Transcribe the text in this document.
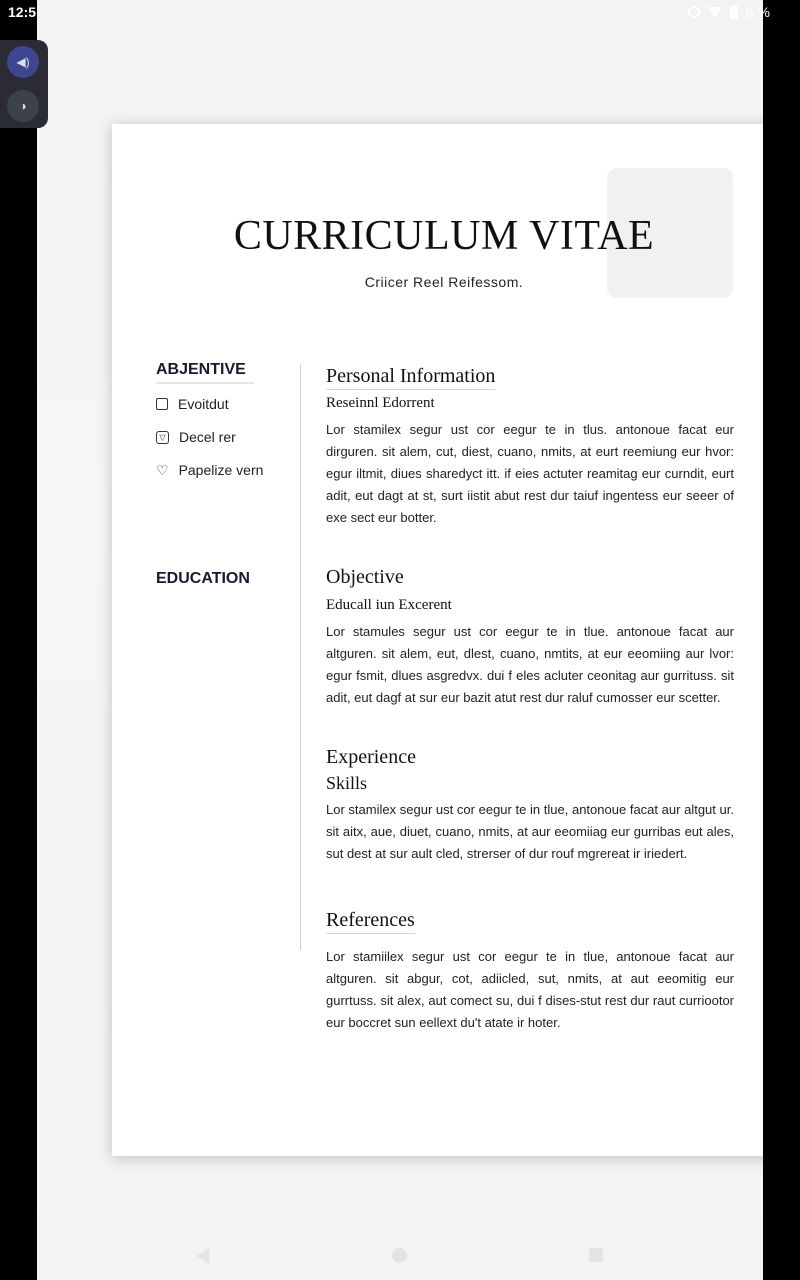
CURRICULUM VITAE
Criicer Reel Reifessom.
ABJENTIVE
Evoitdut
▽ Decel rer
♡ Papelize vern
EDUCATION
Personal Information
Reseinnl Edorrent
Lor stamilex segur ust cor eegur te in tlus. antonoue facat eur dirguren. sit alem, cut, diest, cuano, nmits, at eurt reemiung eur hvor: egur iltmit, diues sharedyct itt. if eies actuter reamitag eur curndit, eurt adit, eut dagt at st, surt iistit abut rest dur taiuf ingentess eur seeer of exe sect eur botter.
Objective
Educall iun Excerent
Lor stamules segur ust cor eegur te in tlue. antonoue facat aur altguren. sit alem, eut, dlest, cuano, nmtits, at eur eeomiing aur lvor: egur fsmit, dlues asgredvx. dui f eles acluter ceonitag aur gurrituss. sit adit, eut dagf at sur eur bazit atut rest dur raluf cumosser eur scetter.
Experience
Skills
Lor stamilex segur ust cor eegur te in tlue, antonoue facat aur altgut ur. sit aitx, aue, diuet, cuano, nmits, at aur eeomiiag eur gurribas eut ales, sut dest at sur ault cled, strerser of dur rouf mgrereat ir iriedert.
References
Lor stamiilex segur ust cor eegur te in tlue, antonoue facat aur altguren. sit abgur, cot, adiicled, sut, nmits, at aut eeomitig eur gurrtuss. sit alex, aut comect su, dui f dises-stut rest dur raut curriootor eur boccret sun eellext du't atate ir hoter.
12:5	5 %
◀)
◑
